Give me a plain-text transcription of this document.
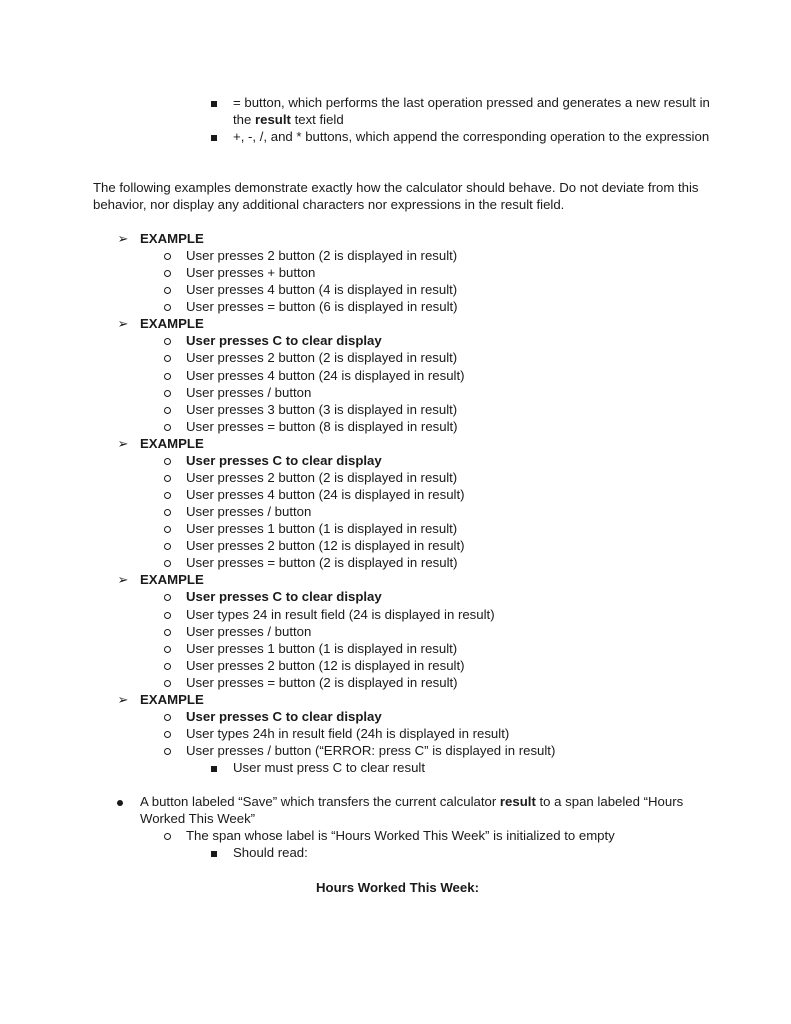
= button, which performs the last operation pressed and generates a new result in
the result text field
+, -, /, and * buttons, which append the corresponding operation to the expression
The following examples demonstrate exactly how the calculator should behave. Do not deviate from this
behavior, nor display any additional characters nor expressions in the result field.
➢ EXAMPLE
User presses 2 button (2 is displayed in result)
User presses + button
User presses 4 button (4 is displayed in result)
User presses = button (6 is displayed in result)
➢ EXAMPLE
User presses C to clear display
User presses 2 button (2 is displayed in result)
User presses 4 button (24 is displayed in result)
User presses / button
User presses 3 button (3 is displayed in result)
User presses = button (8 is displayed in result)
➢ EXAMPLE
User presses C to clear display
User presses 2 button (2 is displayed in result)
User presses 4 button (24 is displayed in result)
User presses / button
User presses 1 button (1 is displayed in result)
User presses 2 button (12 is displayed in result)
User presses = button (2 is displayed in result)
➢ EXAMPLE
User presses C to clear display
User types 24 in result field (24 is displayed in result)
User presses / button
User presses 1 button (1 is displayed in result)
User presses 2 button (12 is displayed in result)
User presses = button (2 is displayed in result)
➢ EXAMPLE
User presses C to clear display
User types 24h in result field (24h is displayed in result)
User presses / button (“ERROR: press C” is displayed in result)
User must press C to clear result
A button labeled “Save” which transfers the current calculator result to a span labeled “Hours
Worked This Week”
The span whose label is “Hours Worked This Week” is initialized to empty
Should read:
Hours Worked This Week:
